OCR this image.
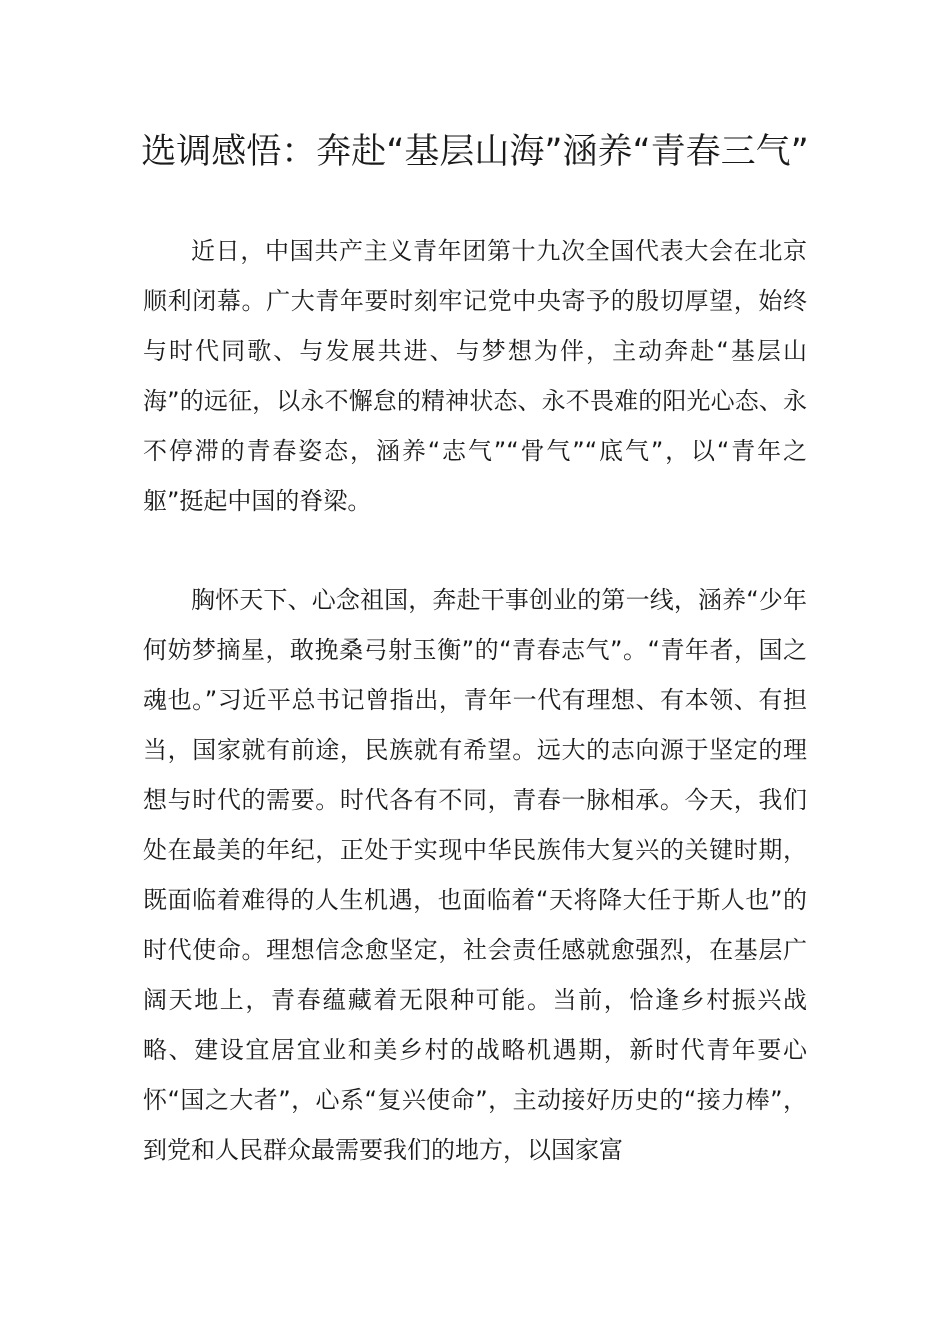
选调感悟：奔赴“基层山海”涵养“青春三气”

近日，中国共产主义青年团第十九次全国代表大会在北京顺利闭幕。广大青年要时刻牢记党中央寄予的殷切厚望，始终与时代同歌、与发展共进、与梦想为伴，主动奔赴“基层山海”的远征，以永不懈怠的精神状态、永不畏难的阳光心态、永不停滞的青春姿态，涵养“志气”“骨气”“底气”，以“青年之躯”挺起中国的脊梁。

胸怀天下、心念祖国，奔赴干事创业的第一线，涵养“少年何妨梦摘星，敢挽桑弓射玉衡”的“青春志气”。“青年者，国之魂也。”习近平总书记曾指出，青年一代有理想、有本领、有担当，国家就有前途，民族就有希望。远大的志向源于坚定的理想与时代的需要。时代各有不同，青春一脉相承。今天，我们处在最美的年纪，正处于实现中华民族伟大复兴的关键时期，既面临着难得的人生机遇，也面临着“天将降大任于斯人也”的时代使命。理想信念愈坚定，社会责任感就愈强烈，在基层广阔天地上，青春蕴藏着无限种可能。当前，恰逢乡村振兴战略、建设宜居宜业和美乡村的战略机遇期，新时代青年要心怀“国之大者”，心系“复兴使命”，主动接好历史的“接力棒”，到党和人民群众最需要我们的地方，以国家富
